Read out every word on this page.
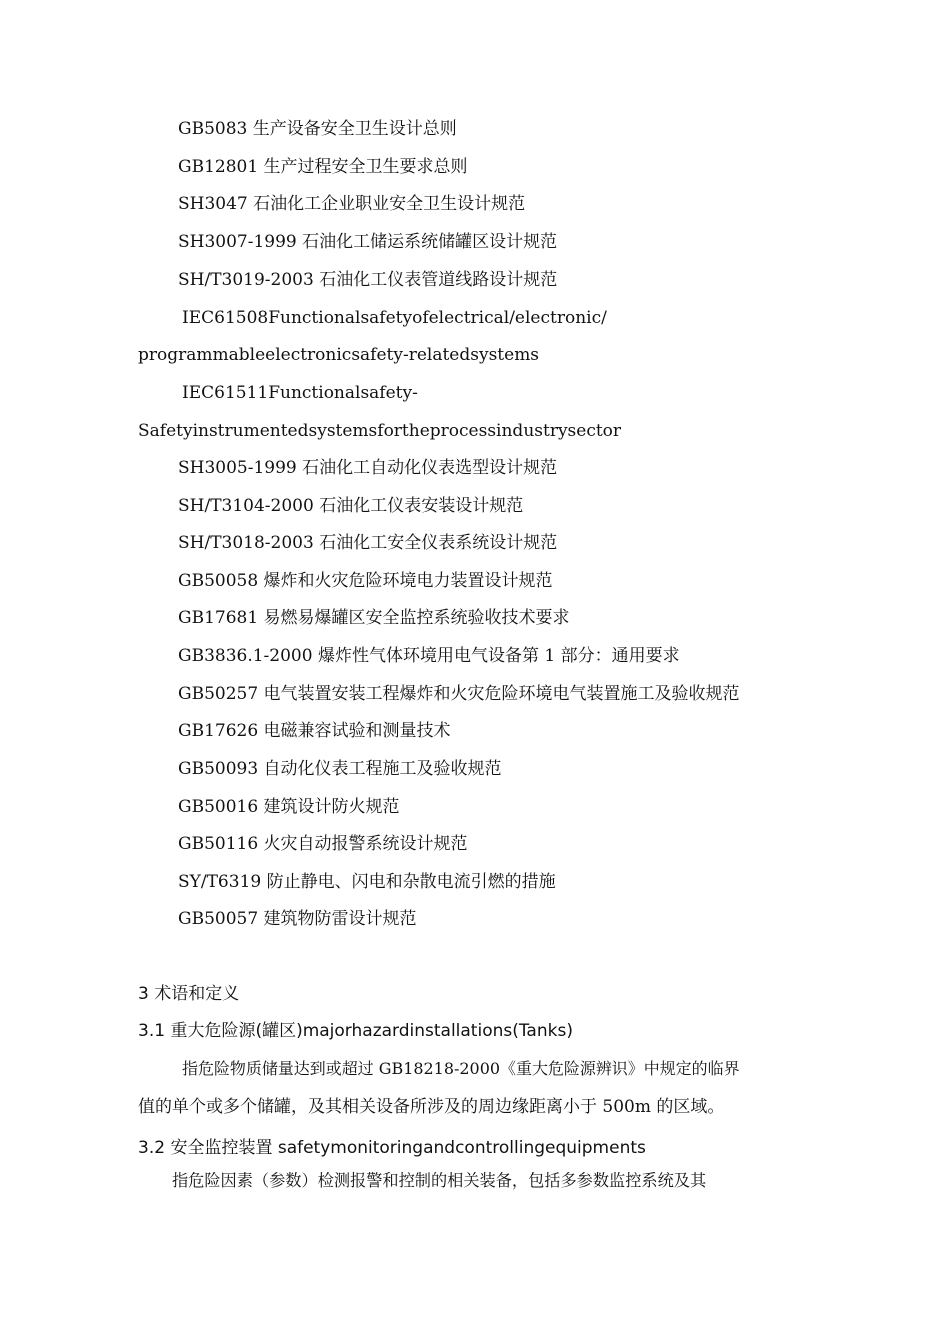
GB5083 生产设备安全卫生设计总则
GB12801 生产过程安全卫生要求总则
SH3047 石油化工企业职业安全卫生设计规范
SH3007-1999 石油化工储运系统储罐区设计规范
SH/T3019-2003 石油化工仪表管道线路设计规范
IEC61508Functionalsafetyofelectrical/electronic/
programmableelectronicsafety-relatedsystems
IEC61511Functionalsafety-
Safetyinstrumentedsystemsfortheprocessindustrysector
SH3005-1999 石油化工自动化仪表选型设计规范
SH/T3104-2000 石油化工仪表安装设计规范
SH/T3018-2003 石油化工安全仪表系统设计规范
GB50058 爆炸和火灾危险环境电力装置设计规范
GB17681 易燃易爆罐区安全监控系统验收技术要求
GB3836.1-2000 爆炸性气体环境用电气设备第 1 部分：通用要求
GB50257 电气装置安装工程爆炸和火灾危险环境电气装置施工及验收规范
GB17626 电磁兼容试验和测量技术
GB50093 自动化仪表工程施工及验收规范
GB50016 建筑设计防火规范
GB50116 火灾自动报警系统设计规范
SY/T6319 防止静电、闪电和杂散电流引燃的措施
GB50057 建筑物防雷设计规范
3 术语和定义
3.1 重大危险源(罐区)majorhazardinstallations(Tanks)
指危险物质储量达到或超过 GB18218-2000《重大危险源辨识》中规定的临界
值的单个或多个储罐，及其相关设备所涉及的周边缘距离小于 500m 的区域。
3.2 安全监控装置 safetymonitoringandcontrollingequipments
指危险因素（参数）检测报警和控制的相关装备，包括多参数监控系统及其
